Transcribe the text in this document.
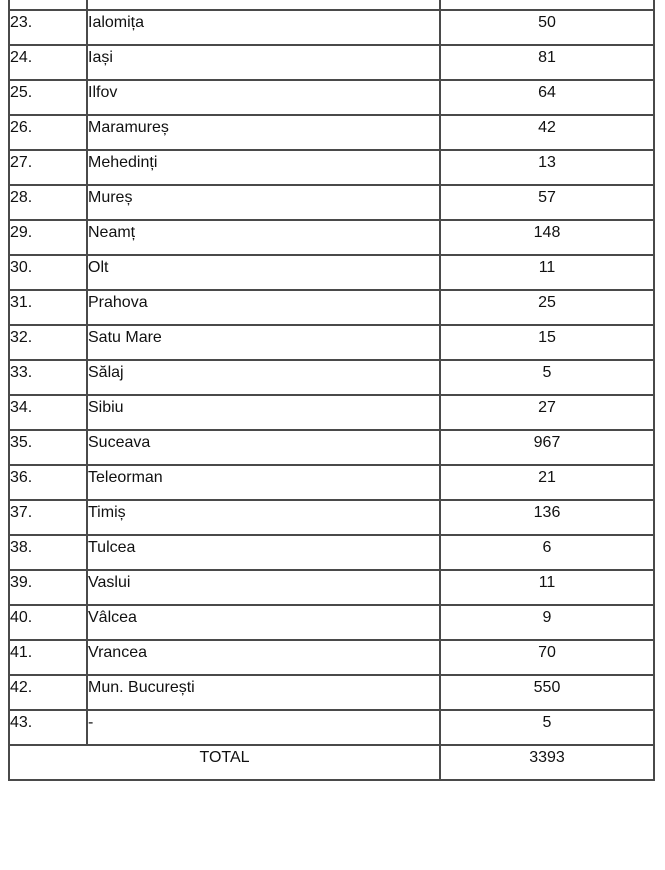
23.	Ialomița	50

24.	Iași	81

25.	Ilfov	64

26.	Maramureș	42

27.	Mehedinți	13

28.	Mureș	57

29.	Neamț	148

30.	Olt	11

31.	Prahova	25

32.	Satu Mare	15

33.	Sălaj	5

34.	Sibiu	27

35.	Suceava	967

36.	Teleorman	21

37.	Timiș	136

38.	Tulcea	6

39.	Vaslui	11

40.	Vâlcea	9

41.	Vrancea	70

42.	Mun. București	550

43.	-	5

TOTAL		3393
